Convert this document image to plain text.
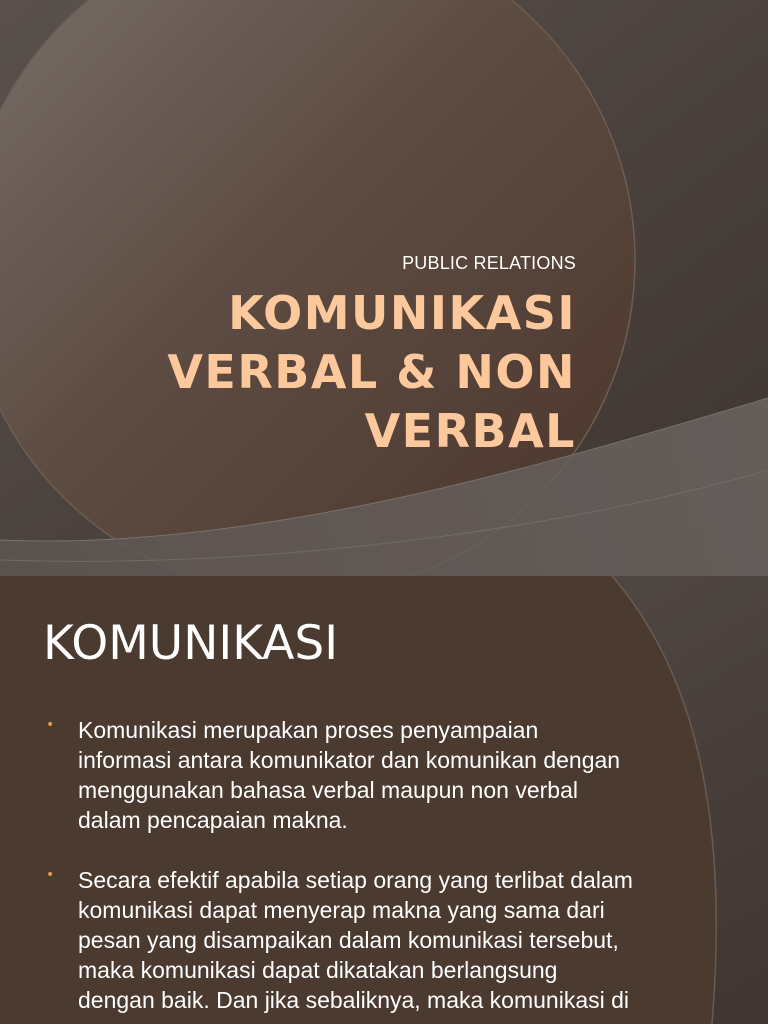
PUBLIC RELATIONS
KOMUNIKASI
VERBAL & NON
VERBAL
KOMUNIKASI
• Komunikasi merupakan proses penyampaian
informasi antara komunikator dan komunikan dengan
menggunakan bahasa verbal maupun non verbal
dalam pencapaian makna.
• Secara efektif apabila setiap orang yang terlibat dalam
komunikasi dapat menyerap makna yang sama dari
pesan yang disampaikan dalam komunikasi tersebut,
maka komunikasi dapat dikatakan berlangsung
dengan baik. Dan jika sebaliknya, maka komunikasi di
